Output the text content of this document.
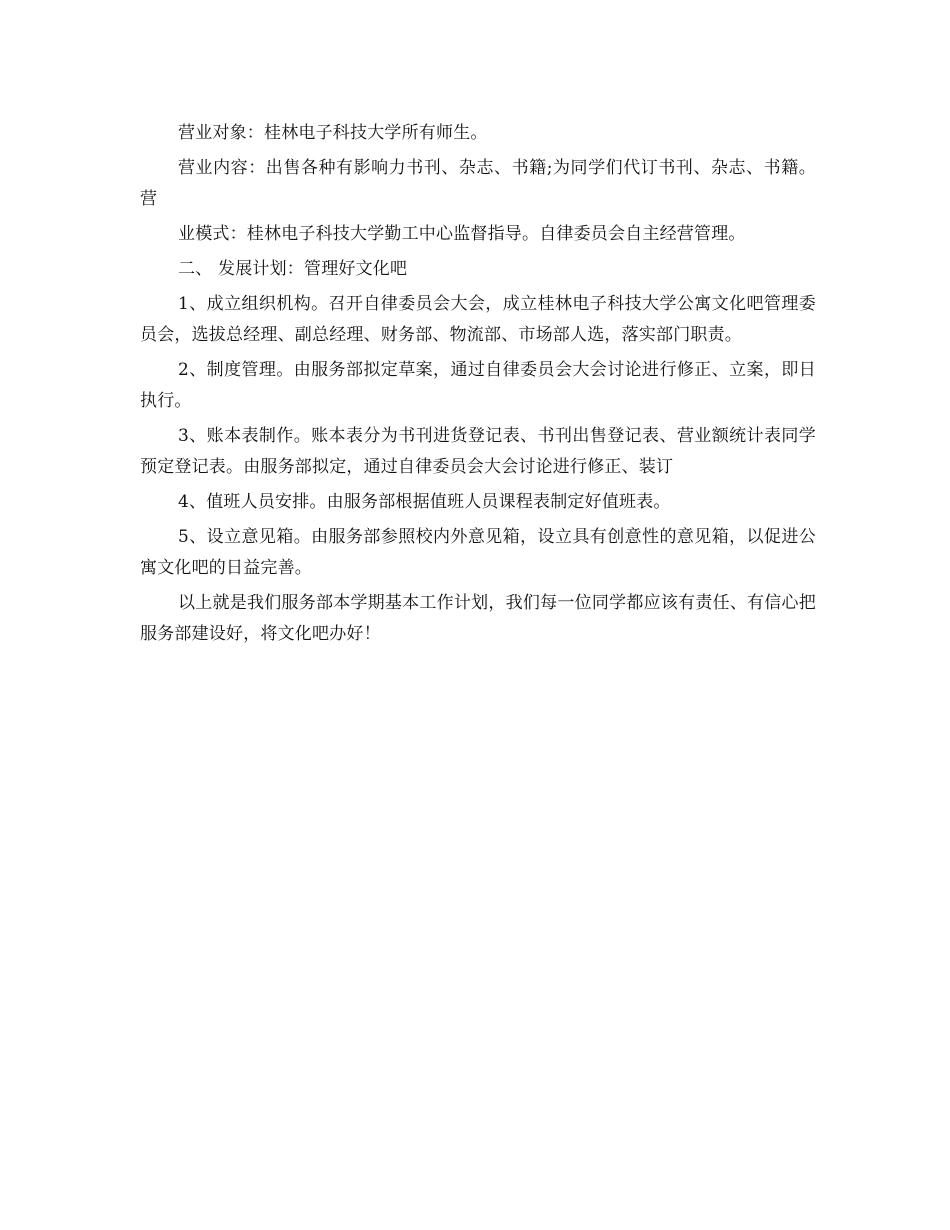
营业对象：桂林电子科技大学所有师生。

营业内容：出售各种有影响力书刊、杂志、书籍;为同学们代订书刊、杂志、书籍。营

业模式：桂林电子科技大学勤工中心监督指导。自律委员会自主经营管理。

二、 发展计划：管理好文化吧

1、成立组织机构。召开自律委员会大会，成立桂林电子科技大学公寓文化吧管理委员会，选拔总经理、副总经理、财务部、物流部、市场部人选，落实部门职责。

2、制度管理。由服务部拟定草案，通过自律委员会大会讨论进行修正、立案，即日执行。

3、账本表制作。账本表分为书刊进货登记表、书刊出售登记表、营业额统计表同学预定登记表。由服务部拟定，通过自律委员会大会讨论进行修正、装订

4、值班人员安排。由服务部根据值班人员课程表制定好值班表。

5、设立意见箱。由服务部参照校内外意见箱，设立具有创意性的意见箱，以促进公寓文化吧的日益完善。

以上就是我们服务部本学期基本工作计划，我们每一位同学都应该有责任、有信心把服务部建设好，将文化吧办好！
